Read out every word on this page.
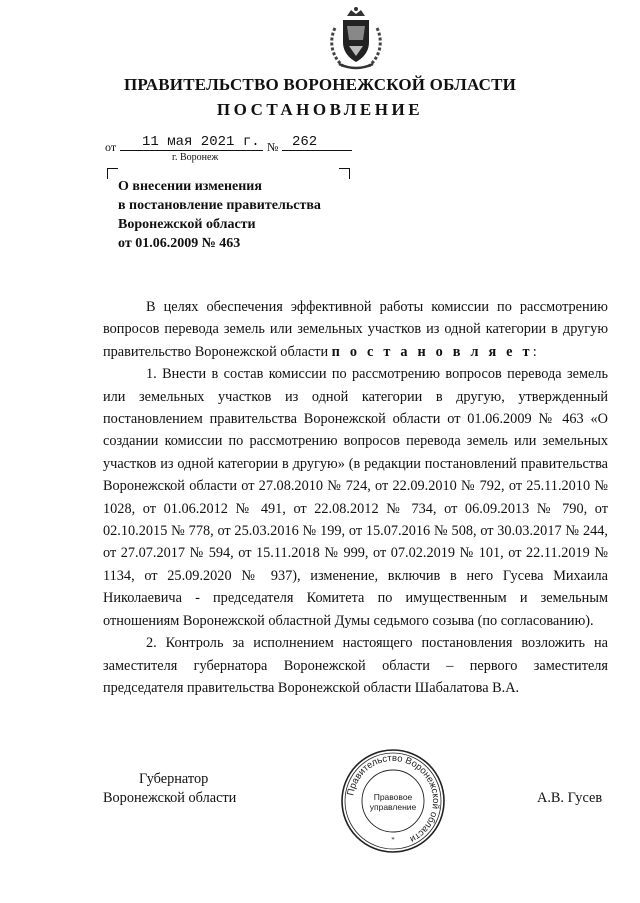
ПРАВИТЕЛЬСТВО ВОРОНЕЖСКОЙ ОБЛАСТИ
ПОСТАНОВЛЕНИЕ
от 11 мая 2021 г. № 262
г. Воронеж
О внесении изменения
в постановление правительства
Воронежской области
от 01.06.2009 № 463

В целях обеспечения эффективной работы комиссии по рассмотрению вопросов перевода земель или земельных участков из одной категории в другую правительство Воронежской области п о с т а н о в л я е т:

1. Внести в состав комиссии по рассмотрению вопросов перевода земель или земельных участков из одной категории в другую, утвержденный постановлением правительства Воронежской области от 01.06.2009 № 463 «О создании комиссии по рассмотрению вопросов перевода земель или земельных участков из одной категории в другую» (в редакции постановлений правительства Воронежской области от 27.08.2010 № 724, от 22.09.2010 № 792, от 25.11.2010 № 1028, от 01.06.2012 № 491, от 22.08.2012 № 734, от 06.09.2013 № 790, от 02.10.2015 № 778, от 25.03.2016 № 199, от 15.07.2016 № 508, от 30.03.2017 № 244, от 27.07.2017 № 594, от 15.11.2018 № 999, от 07.02.2019 № 101, от 22.11.2019 № 1134, от 25.09.2020 № 937), изменение, включив в него Гусева Михаила Николаевича - председателя Комитета по имущественным и земельным отношениям Воронежской областной Думы седьмого созыва (по согласованию).

2. Контроль за исполнением настоящего постановления возложить на заместителя губернатора Воронежской области – первого заместителя председателя правительства Воронежской области Шабалатова В.А.

Губернатор
Воронежской области	Правительство Воронежской области
Правовое
управление
*
А.В. Гусев
